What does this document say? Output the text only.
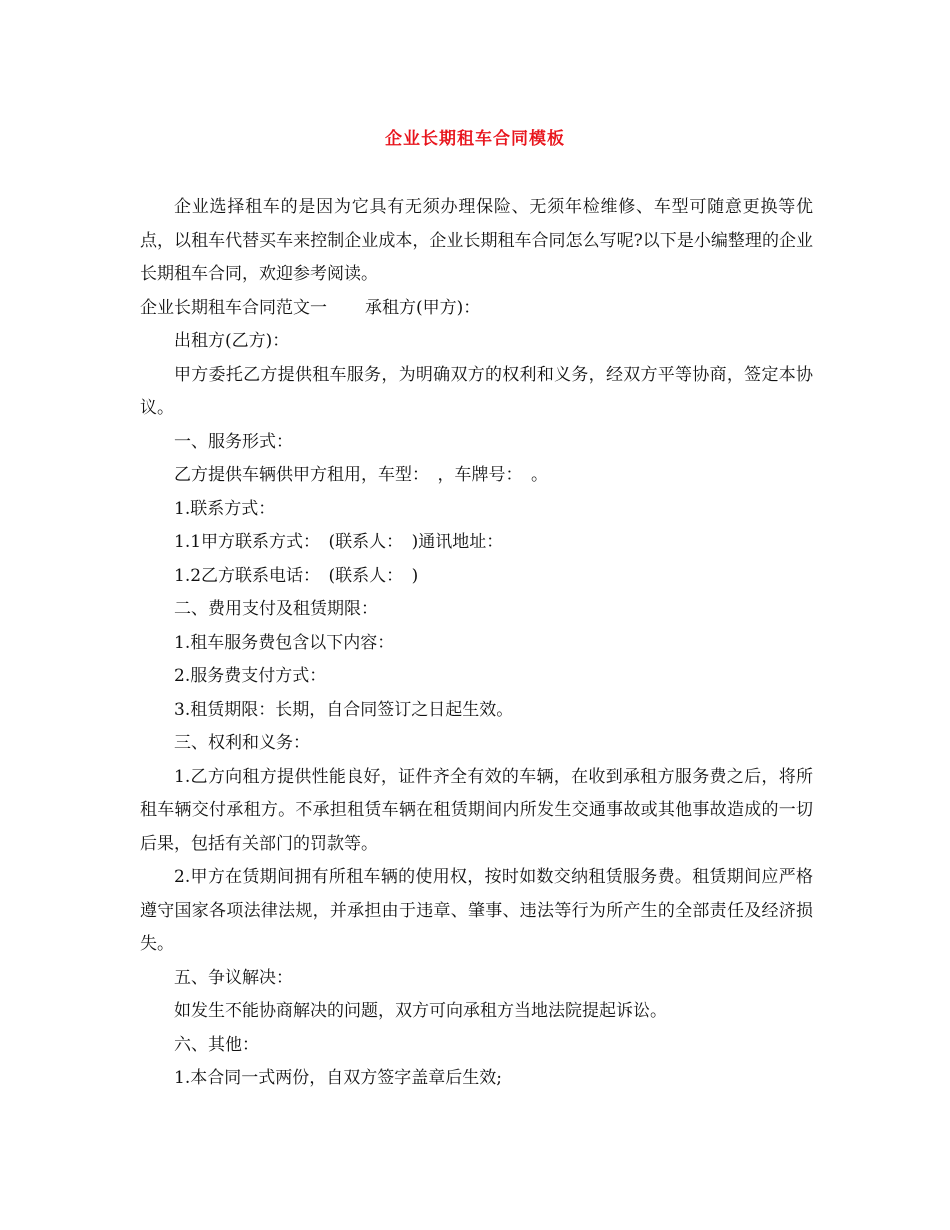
企业长期租车合同模板

企业选择租车的是因为它具有无须办理保险、无须年检维修、车型可随意更换等优点，以租车代替买车来控制企业成本，企业长期租车合同怎么写呢?以下是小编整理的企业长期租车合同，欢迎参考阅读。

企业长期租车合同范文一 承租方(甲方)：

出租方(乙方)：

甲方委托乙方提供租车服务，为明确双方的权利和义务，经双方平等协商，签定本协议。

一、服务形式：

乙方提供车辆供甲方租用，车型：　，车牌号：　。

1.联系方式：

1.1甲方联系方式：　(联系人：　)通讯地址：

1.2乙方联系电话：　(联系人：　)

二、费用支付及租赁期限：

1.租车服务费包含以下内容：

2.服务费支付方式：

3.租赁期限：长期，自合同签订之日起生效。

三、权利和义务：

1.乙方向租方提供性能良好，证件齐全有效的车辆，在收到承租方服务费之后，将所租车辆交付承租方。不承担租赁车辆在租赁期间内所发生交通事故或其他事故造成的一切后果，包括有关部门的罚款等。

2.甲方在赁期间拥有所租车辆的使用权，按时如数交纳租赁服务费。租赁期间应严格遵守国家各项法律法规，并承担由于违章、肇事、违法等行为所产生的全部责任及经济损失。

五、争议解决：

如发生不能协商解决的问题，双方可向承租方当地法院提起诉讼。

六、其他：

1.本合同一式两份，自双方签字盖章后生效;
